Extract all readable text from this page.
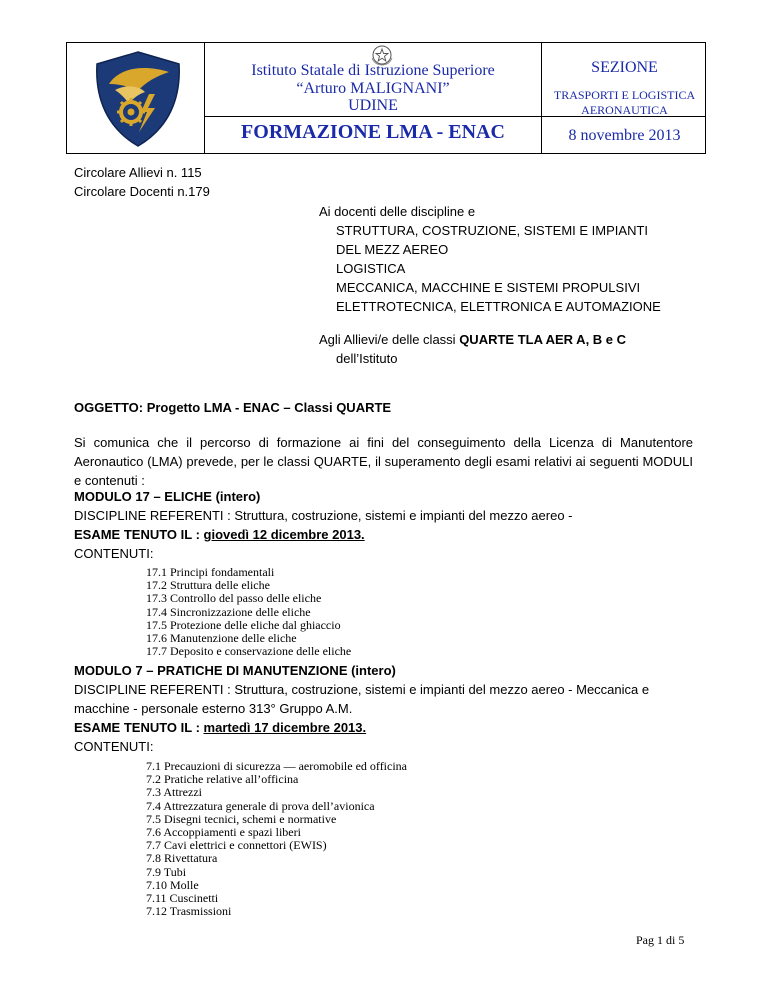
Istituto Statale di Istruzione Superiore
“Arturo MALIGNANI”
UDINE
FORMAZIONE LMA - ENAC
SEZIONE
TRASPORTI E LOGISTICA
AERONAUTICA
8 novembre 2013
Circolare Allievi n. 115
Circolare Docenti n.179
Ai docenti delle discipline e
STRUTTURA, COSTRUZIONE, SISTEMI E IMPIANTI
DEL MEZZ AEREO
LOGISTICA
MECCANICA, MACCHINE E SISTEMI PROPULSIVI
ELETTROTECNICA, ELETTRONICA E AUTOMAZIONE
Agli Allievi/e delle classi QUARTE TLA AER A, B e C
dell’Istituto
OGGETTO: Progetto LMA - ENAC – Classi QUARTE
Si comunica che il percorso di formazione ai fini del conseguimento della Licenza di Manutentore Aeronautico (LMA) prevede, per le classi QUARTE, il superamento degli esami relativi ai seguenti MODULI e contenuti :
MODULO 17 – ELICHE (intero)
DISCIPLINE REFERENTI : Struttura, costruzione, sistemi e impianti del mezzo aereo -
ESAME TENUTO IL : giovedì 12 dicembre 2013.
CONTENUTI:
17.1 Principi fondamentali
17.2 Struttura delle eliche
17.3 Controllo del passo delle eliche
17.4 Sincronizzazione delle eliche
17.5 Protezione delle eliche dal ghiaccio
17.6 Manutenzione delle eliche
17.7 Deposito e conservazione delle eliche
MODULO 7 – PRATICHE DI MANUTENZIONE (intero)
DISCIPLINE REFERENTI : Struttura, costruzione, sistemi e impianti del mezzo aereo - Meccanica e
macchine - personale esterno 313° Gruppo A.M.
ESAME TENUTO IL : martedì 17 dicembre 2013.
CONTENUTI:
7.1 Precauzioni di sicurezza — aeromobile ed officina
7.2 Pratiche relative all’officina
7.3 Attrezzi
7.4 Attrezzatura generale di prova dell’avionica
7.5 Disegni tecnici, schemi e normative
7.6 Accoppiamenti e spazi liberi
7.7 Cavi elettrici e connettori (EWIS)
7.8 Rivettatura
7.9 Tubi
7.10 Molle
7.11 Cuscinetti
7.12 Trasmissioni
Pag 1 di 5
